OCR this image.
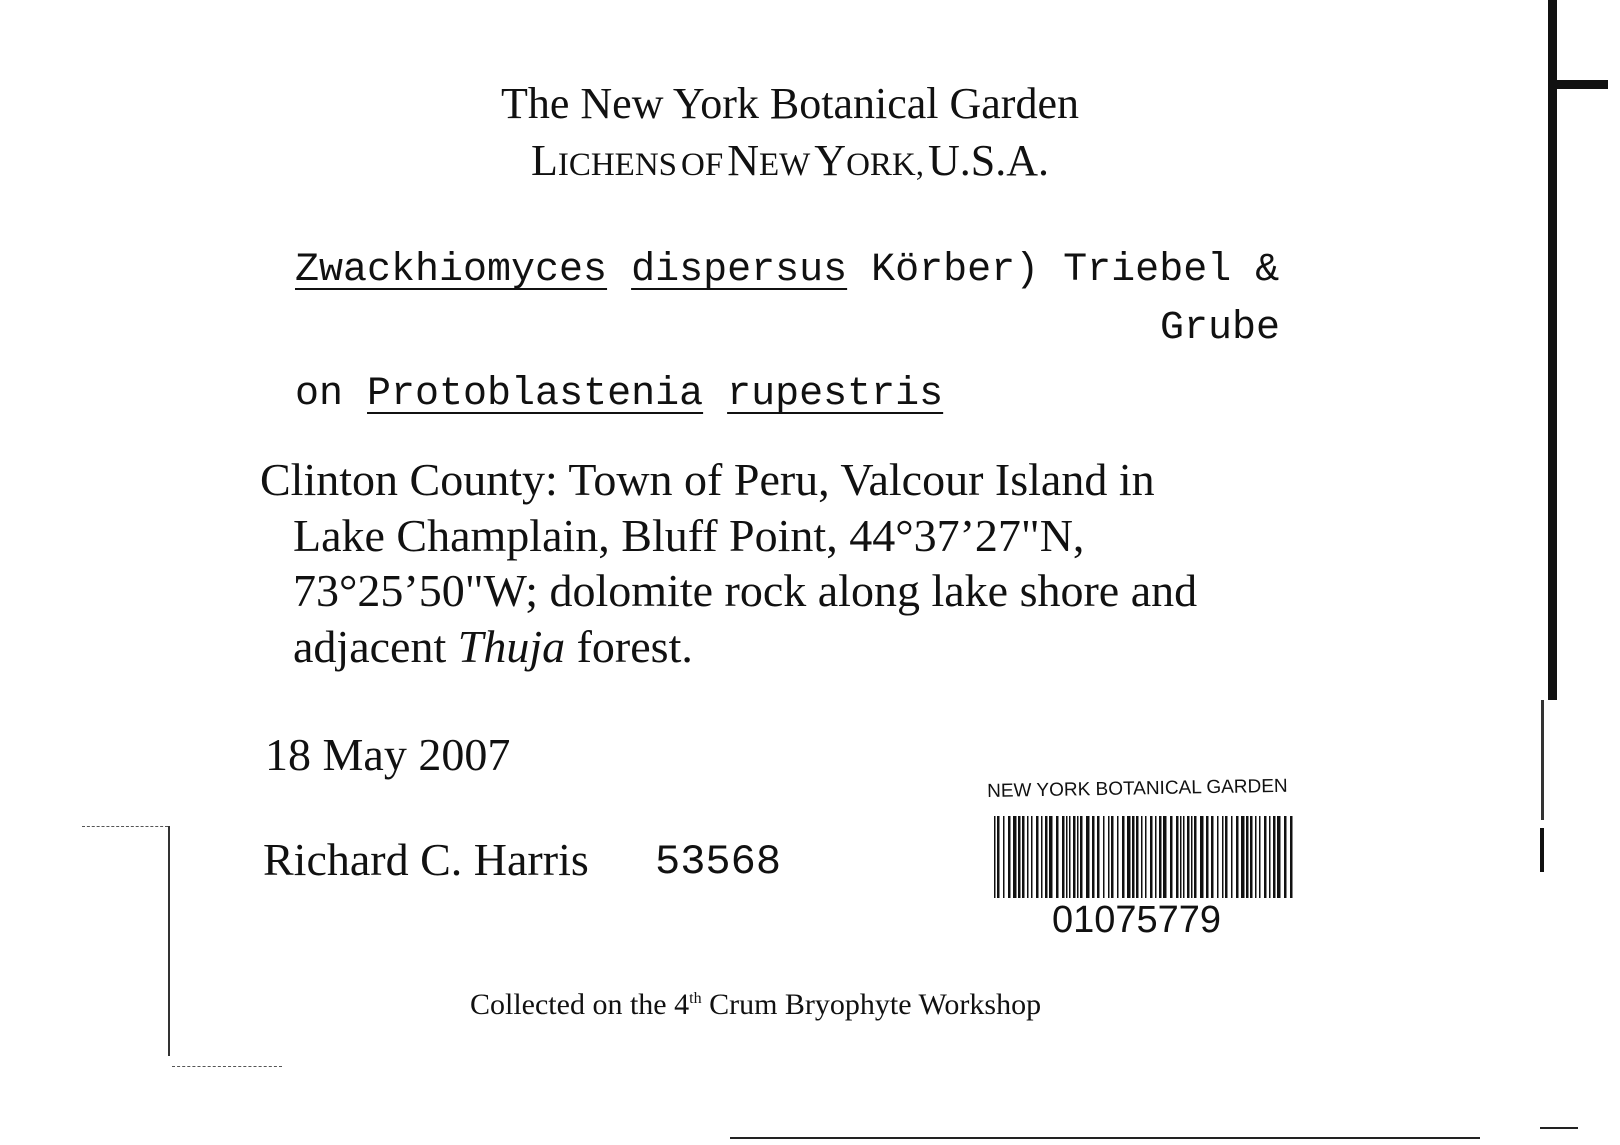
The New York Botanical Garden
LICHENS OF NEW YORK, U.S.A.
Zwackhiomyces dispersus Körber) Triebel &
Grube
on Protoblastenia rupestris
Clinton County: Town of Peru, Valcour Island in
Lake Champlain, Bluff Point, 44°37’27"N,
73°25’50"W; dolomite rock along lake shore and
adjacent Thuja forest.
18 May 2007
Richard C. Harris 53568
NEW YORK BOTANICAL GARDEN
01075779
Collected on the 4th Crum Bryophyte Workshop
